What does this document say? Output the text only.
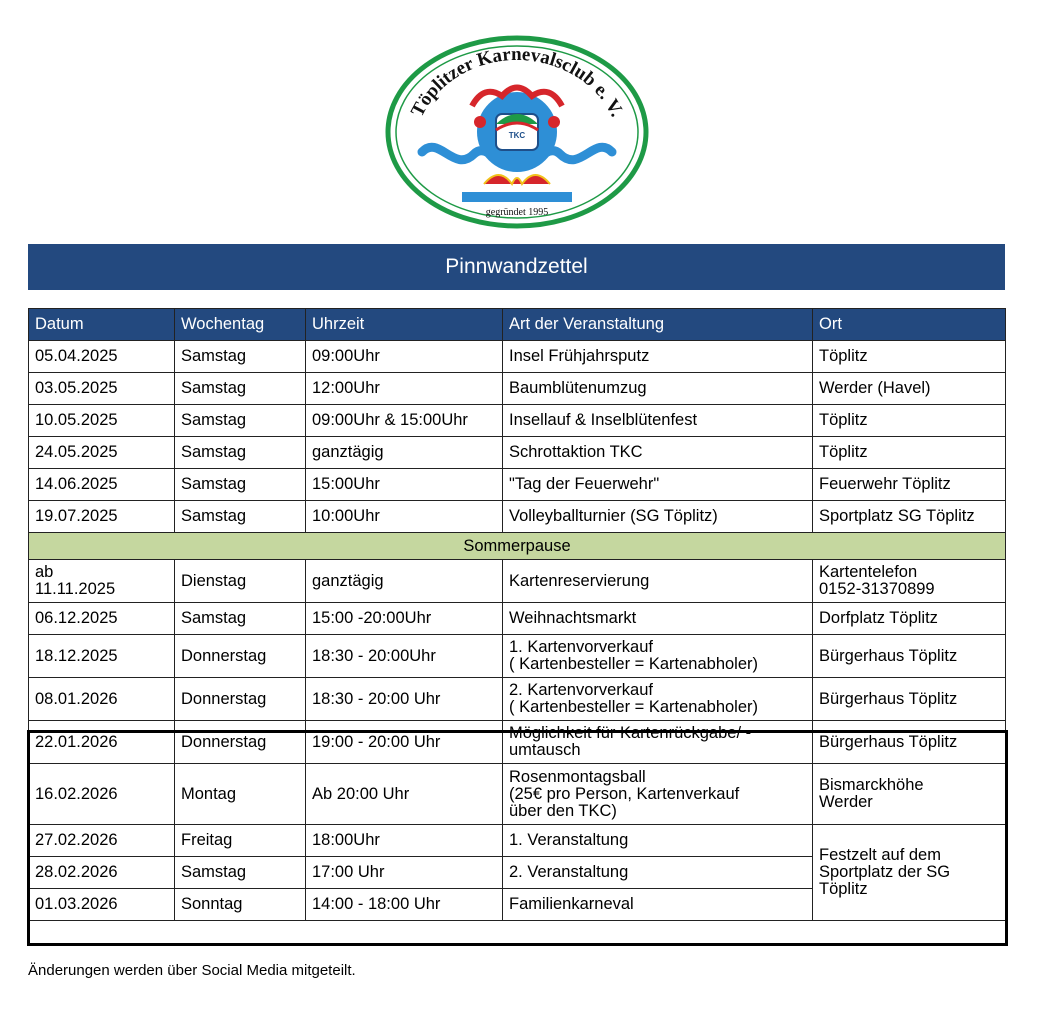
Töplitzer Karnevalsclub e. V.
gegründet 1995
TKC
Pinnwandzettel
Datum	Wochentag	Uhrzeit	Art der Veranstaltung	Ort
05.04.2025	Samstag	09:00Uhr	Insel Frühjahrsputz	Töplitz
03.05.2025	Samstag	12:00Uhr	Baumblütenumzug	Werder (Havel)
10.05.2025	Samstag	09:00Uhr & 15:00Uhr	Insellauf & Inselblütenfest	Töplitz
24.05.2025	Samstag	ganztägig	Schrottaktion TKC	Töplitz
14.06.2025	Samstag	15:00Uhr	"Tag der Feuerwehr"	Feuerwehr Töplitz
19.07.2025	Samstag	10:00Uhr	Volleyballturnier (SG Töplitz)	Sportplatz SG Töplitz
Sommerpause				
ab
11.11.2025	Dienstag	ganztägig	Kartenreservierung	Kartentelefon
0152-31370899
06.12.2025	Samstag	15:00 -20:00Uhr	Weihnachtsmarkt	Dorfplatz Töplitz
18.12.2025	Donnerstag	18:30 - 20:00Uhr	1. Kartenvorverkauf
( Kartenbesteller = Kartenabholer)	Bürgerhaus Töplitz
08.01.2026	Donnerstag	18:30 - 20:00 Uhr	2. Kartenvorverkauf
( Kartenbesteller = Kartenabholer)	Bürgerhaus Töplitz
22.01.2026	Donnerstag	19:00 - 20:00 Uhr	Möglichkeit für Kartenrückgabe/ -
umtausch	Bürgerhaus Töplitz
16.02.2026	Montag	Ab 20:00 Uhr	Rosenmontagsball
(25€ pro Person, Kartenverkauf
über den TKC)	Bismarckhöhe
Werder
27.02.2026	Freitag	18:00Uhr	1. Veranstaltung	Festzelt auf dem
Sportplatz der SG
Töplitz
28.02.2026	Samstag	17:00 Uhr	2. Veranstaltung	
01.03.2026	Sonntag	14:00 - 18:00 Uhr	Familienkarneval	
Änderungen werden über Social Media mitgeteilt.
